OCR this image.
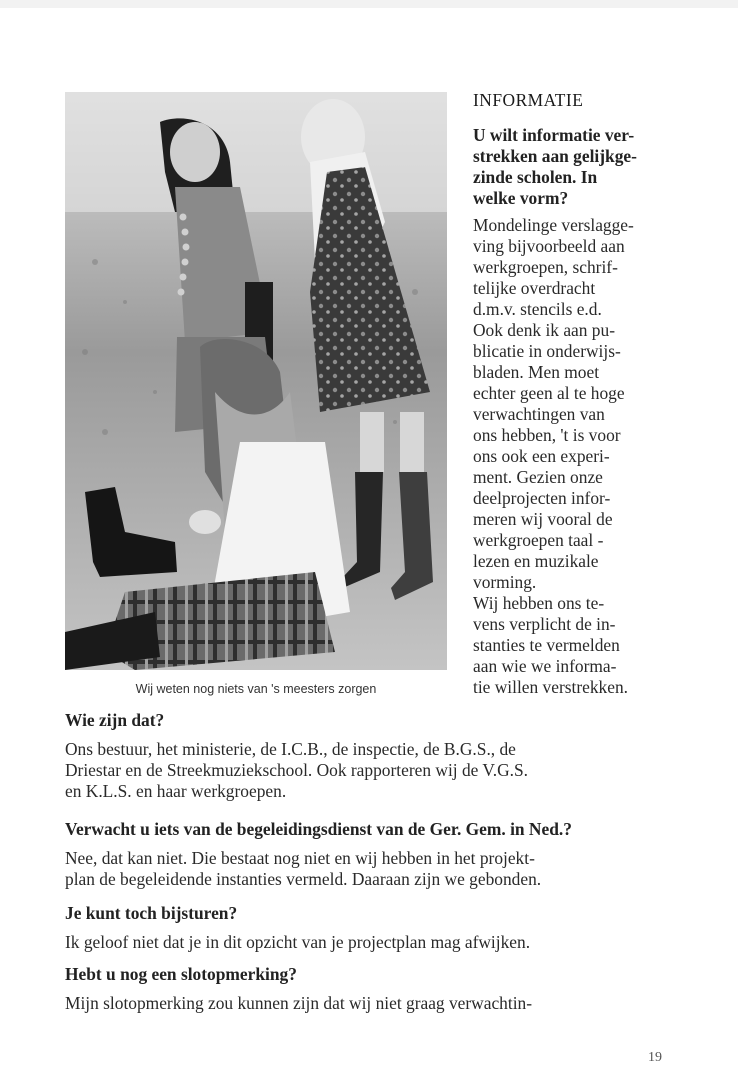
Wij weten nog niets van 's meesters zorgen
INFORMATIE
U wilt informatie ver-
strekken aan gelijkge-
zinde scholen. In
welke vorm?
Mondelinge verslagge-
ving bijvoorbeeld aan
werkgroepen, schrif-
telijke overdracht
d.m.v. stencils e.d.
Ook denk ik aan pu-
blicatie in onderwijs-
bladen. Men moet
echter geen al te hoge
verwachtingen van
ons hebben, 't is voor
ons ook een experi-
ment. Gezien onze
deelprojecten infor-
meren wij vooral de
werkgroepen taal -
lezen en muzikale
vorming.
Wij hebben ons te-
vens verplicht de in-
stanties te vermelden
aan wie we informa-
tie willen verstrekken.
Wie zijn dat?
Ons bestuur, het ministerie, de I.C.B., de inspectie, de B.G.S., de
Driestar en de Streekmuziekschool. Ook rapporteren wij de V.G.S.
en K.L.S. en haar werkgroepen.
Verwacht u iets van de begeleidingsdienst van de Ger. Gem. in Ned.?
Nee, dat kan niet. Die bestaat nog niet en wij hebben in het projekt-
plan de begeleidende instanties vermeld. Daaraan zijn we gebonden.
Je kunt toch bijsturen?
Ik geloof niet dat je in dit opzicht van je projectplan mag afwijken.
Hebt u nog een slotopmerking?
Mijn slotopmerking zou kunnen zijn dat wij niet graag verwachtin-
19
